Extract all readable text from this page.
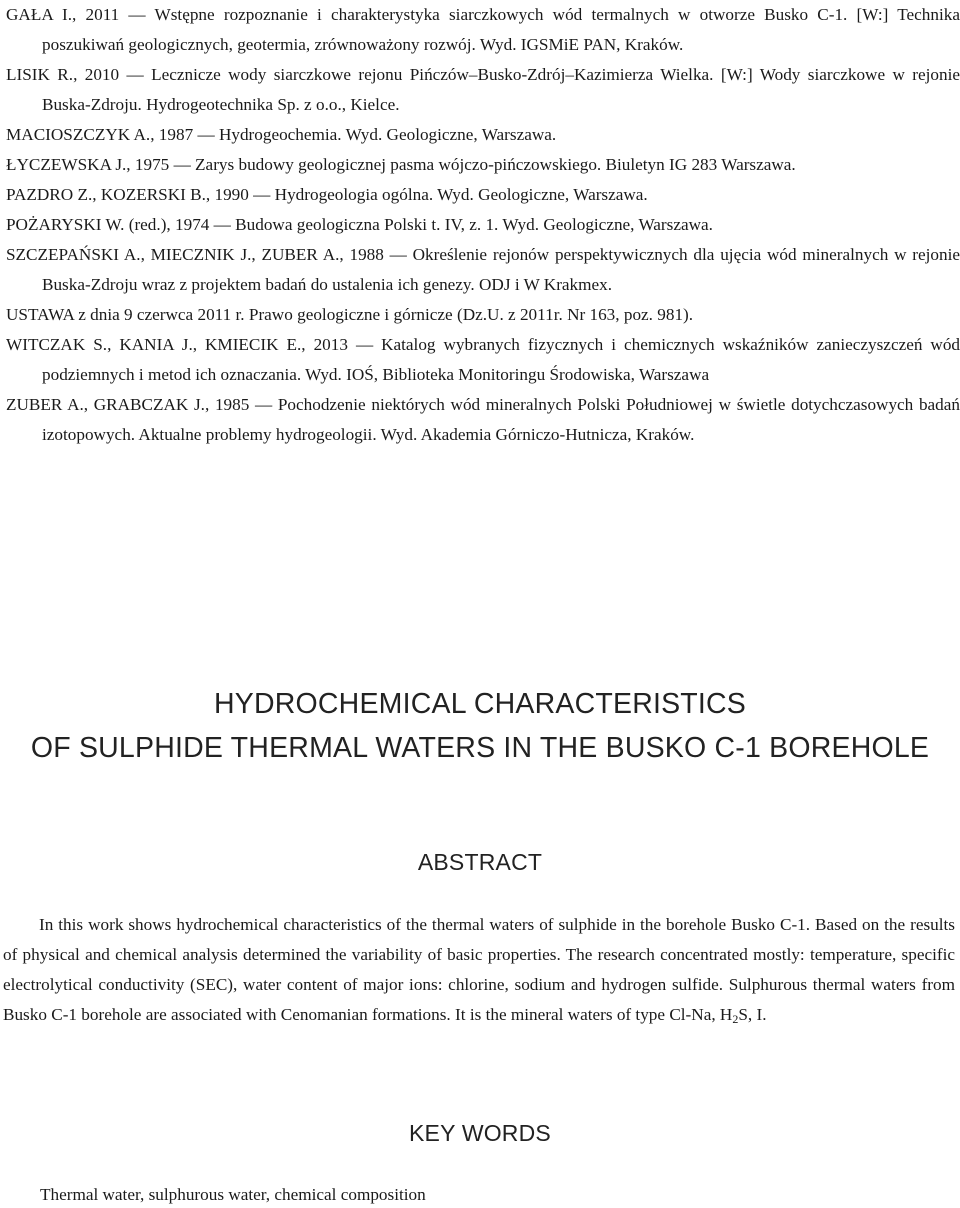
GAŁA I., 2011 — Wstępne rozpoznanie i charakterystyka siarczkowych wód termalnych w otworze Busko C-1. [W:] Technika poszukiwań geologicznych, geotermia, zrównoważony rozwój. Wyd. IGSMiE PAN, Kraków.
LISIK R., 2010 — Lecznicze wody siarczkowe rejonu Pińczów–Busko-Zdrój–Kazimierza Wielka. [W:] Wody siarczkowe w rejonie Buska-Zdroju. Hydrogeotechnika Sp. z o.o., Kielce.
MACIOSZCZYK A., 1987 — Hydrogeochemia. Wyd. Geologiczne, Warszawa.
ŁYCZEWSKA J., 1975 — Zarys budowy geologicznej pasma wójczo-pińczowskiego. Biuletyn IG 283 Warszawa.
PAZDRO Z., KOZERSKI B., 1990 — Hydrogeologia ogólna. Wyd. Geologiczne, Warszawa.
POŻARYSKI W. (red.), 1974 — Budowa geologiczna Polski t. IV, z. 1. Wyd. Geologiczne, Warszawa.
SZCZEPAŃSKI A., MIECZNIK J., ZUBER A., 1988 — Określenie rejonów perspektywicznych dla ujęcia wód mineralnych w rejonie Buska-Zdroju wraz z projektem badań do ustalenia ich genezy. ODJ i W Krakmex.
USTAWA z dnia 9 czerwca 2011 r. Prawo geologiczne i górnicze (Dz.U. z 2011r. Nr 163, poz. 981).
WITCZAK S., KANIA J., KMIECIK E., 2013 — Katalog wybranych fizycznych i chemicznych wskaźników zanieczyszczeń wód podziemnych i metod ich oznaczania. Wyd. IOŚ, Biblioteka Monitoringu Środowiska, Warszawa
ZUBER A., GRABCZAK J., 1985 — Pochodzenie niektórych wód mineralnych Polski Południowej w świetle dotychczasowych badań izotopowych. Aktualne problemy hydrogeologii. Wyd. Akademia Górniczo-Hutnicza, Kraków.
HYDROCHEMICAL CHARACTERISTICS
OF SULPHIDE THERMAL WATERS IN THE BUSKO C-1 BOREHOLE
ABSTRACT
In this work shows hydrochemical characteristics of the thermal waters of sulphide in the borehole Busko C-1. Based on the results of physical and chemical analysis determined the variability of basic properties. The research concentrated mostly: temperature, specific electrolytical conductivity (SEC), water content of major ions: chlorine, sodium and hydrogen sulfide. Sulphurous thermal waters from Busko C-1 borehole are associated with Cenomanian formations. It is the mineral waters of type Cl-Na, $H_2S$, I.
KEY WORDS
Thermal water, sulphurous water, chemical composition
